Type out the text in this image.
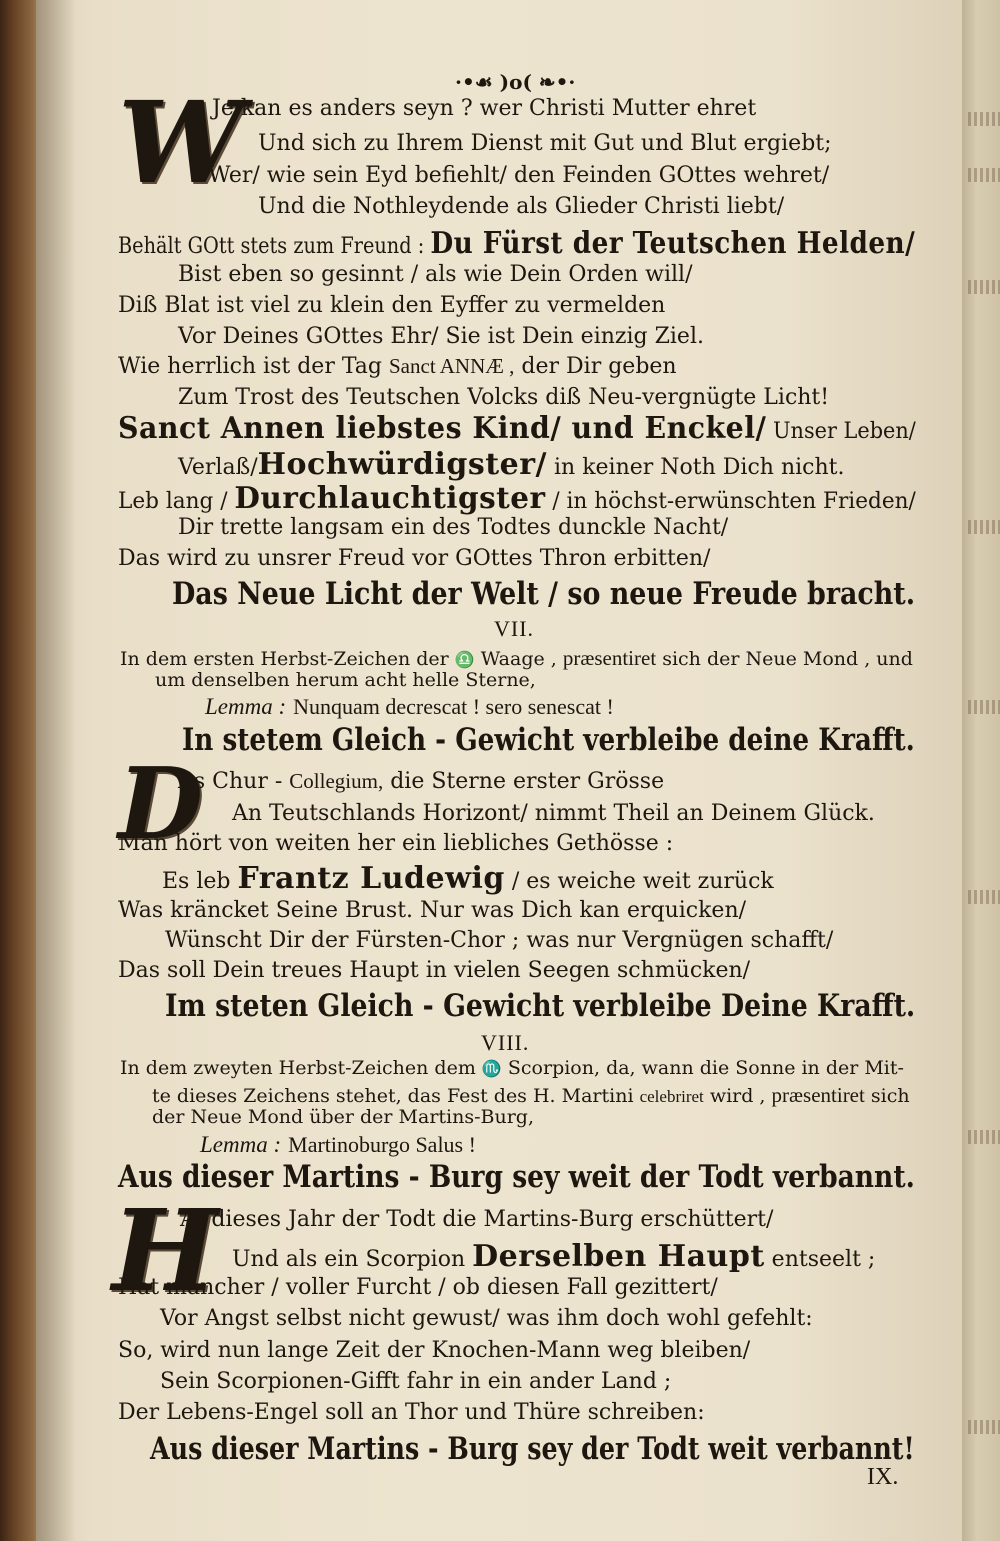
·•☙ )o( ❧•·
W
Je kan es anders seyn ? wer Christi Mutter ehret
Und sich zu Ihrem Dienst mit Gut und Blut ergiebt;
Wer/ wie sein Eyd befiehlt/ den Feinden GOttes wehret/
Und die Nothleydende als Glieder Christi liebt/
Behält GOtt stets zum Freund : Du Fürst der Teutschen Helden/
Bist eben so gesinnt / als wie Dein Orden will/
Diß Blat ist viel zu klein den Eyffer zu vermelden
Vor Deines GOttes Ehr/ Sie ist Dein einzig Ziel.
Wie herrlich ist der Tag Sanct ANNÆ , der Dir geben
Zum Trost des Teutschen Volcks diß Neu-vergnügte Licht!
Sanct Annen liebstes Kind/ und Enckel/ Unser Leben/
Verlaß/Hochwürdigster/ in keiner Noth Dich nicht.
Leb lang / Durchlauchtigster / in höchst-erwünschten Frieden/
Dir trette langsam ein des Todtes dunckle Nacht/
Das wird zu unsrer Freud vor GOttes Thron erbitten/
Das Neue Licht der Welt / so neue Freude bracht.
VII.
In dem ersten Herbst-Zeichen der ♎ Waage , præsentiret sich der Neue Mond , und
um denselben herum acht helle Sterne,
Lemma : Nunquam decrescat ! sero senescat !
In stetem Gleich - Gewicht verbleibe deine Krafft.
D
As Chur - Collegium, die Sterne erster Grösse
An Teutschlands Horizont/ nimmt Theil an Deinem Glück.
Man hört von weiten her ein liebliches Gethösse :
Es leb Frantz Ludewig / es weiche weit zurück
Was kräncket Seine Brust. Nur was Dich kan erquicken/
Wünscht Dir der Fürsten-Chor ; was nur Vergnügen schafft/
Das soll Dein treues Haupt in vielen Seegen schmücken/
Im steten Gleich - Gewicht verbleibe Deine Krafft.
VIII.
In dem zweyten Herbst-Zeichen dem ♏ Scorpion, da, wann die Sonne in der Mit-
te dieses Zeichens stehet, das Fest des H. Martini celebriret wird , præsentiret sich
der Neue Mond über der Martins-Burg,
Lemma : Martinoburgo Salus !
Aus dieser Martins - Burg sey weit der Todt verbannt.
H
At dieses Jahr der Todt die Martins-Burg erschüttert/
Und als ein Scorpion Derselben Haupt entseelt ;
Hat mancher / voller Furcht / ob diesen Fall gezittert/
Vor Angst selbst nicht gewust/ was ihm doch wohl gefehlt:
So, wird nun lange Zeit der Knochen-Mann weg bleiben/
Sein Scorpionen-Gifft fahr in ein ander Land ;
Der Lebens-Engel soll an Thor und Thüre schreiben:
Aus dieser Martins - Burg sey der Todt weit verbannt!
IX.
